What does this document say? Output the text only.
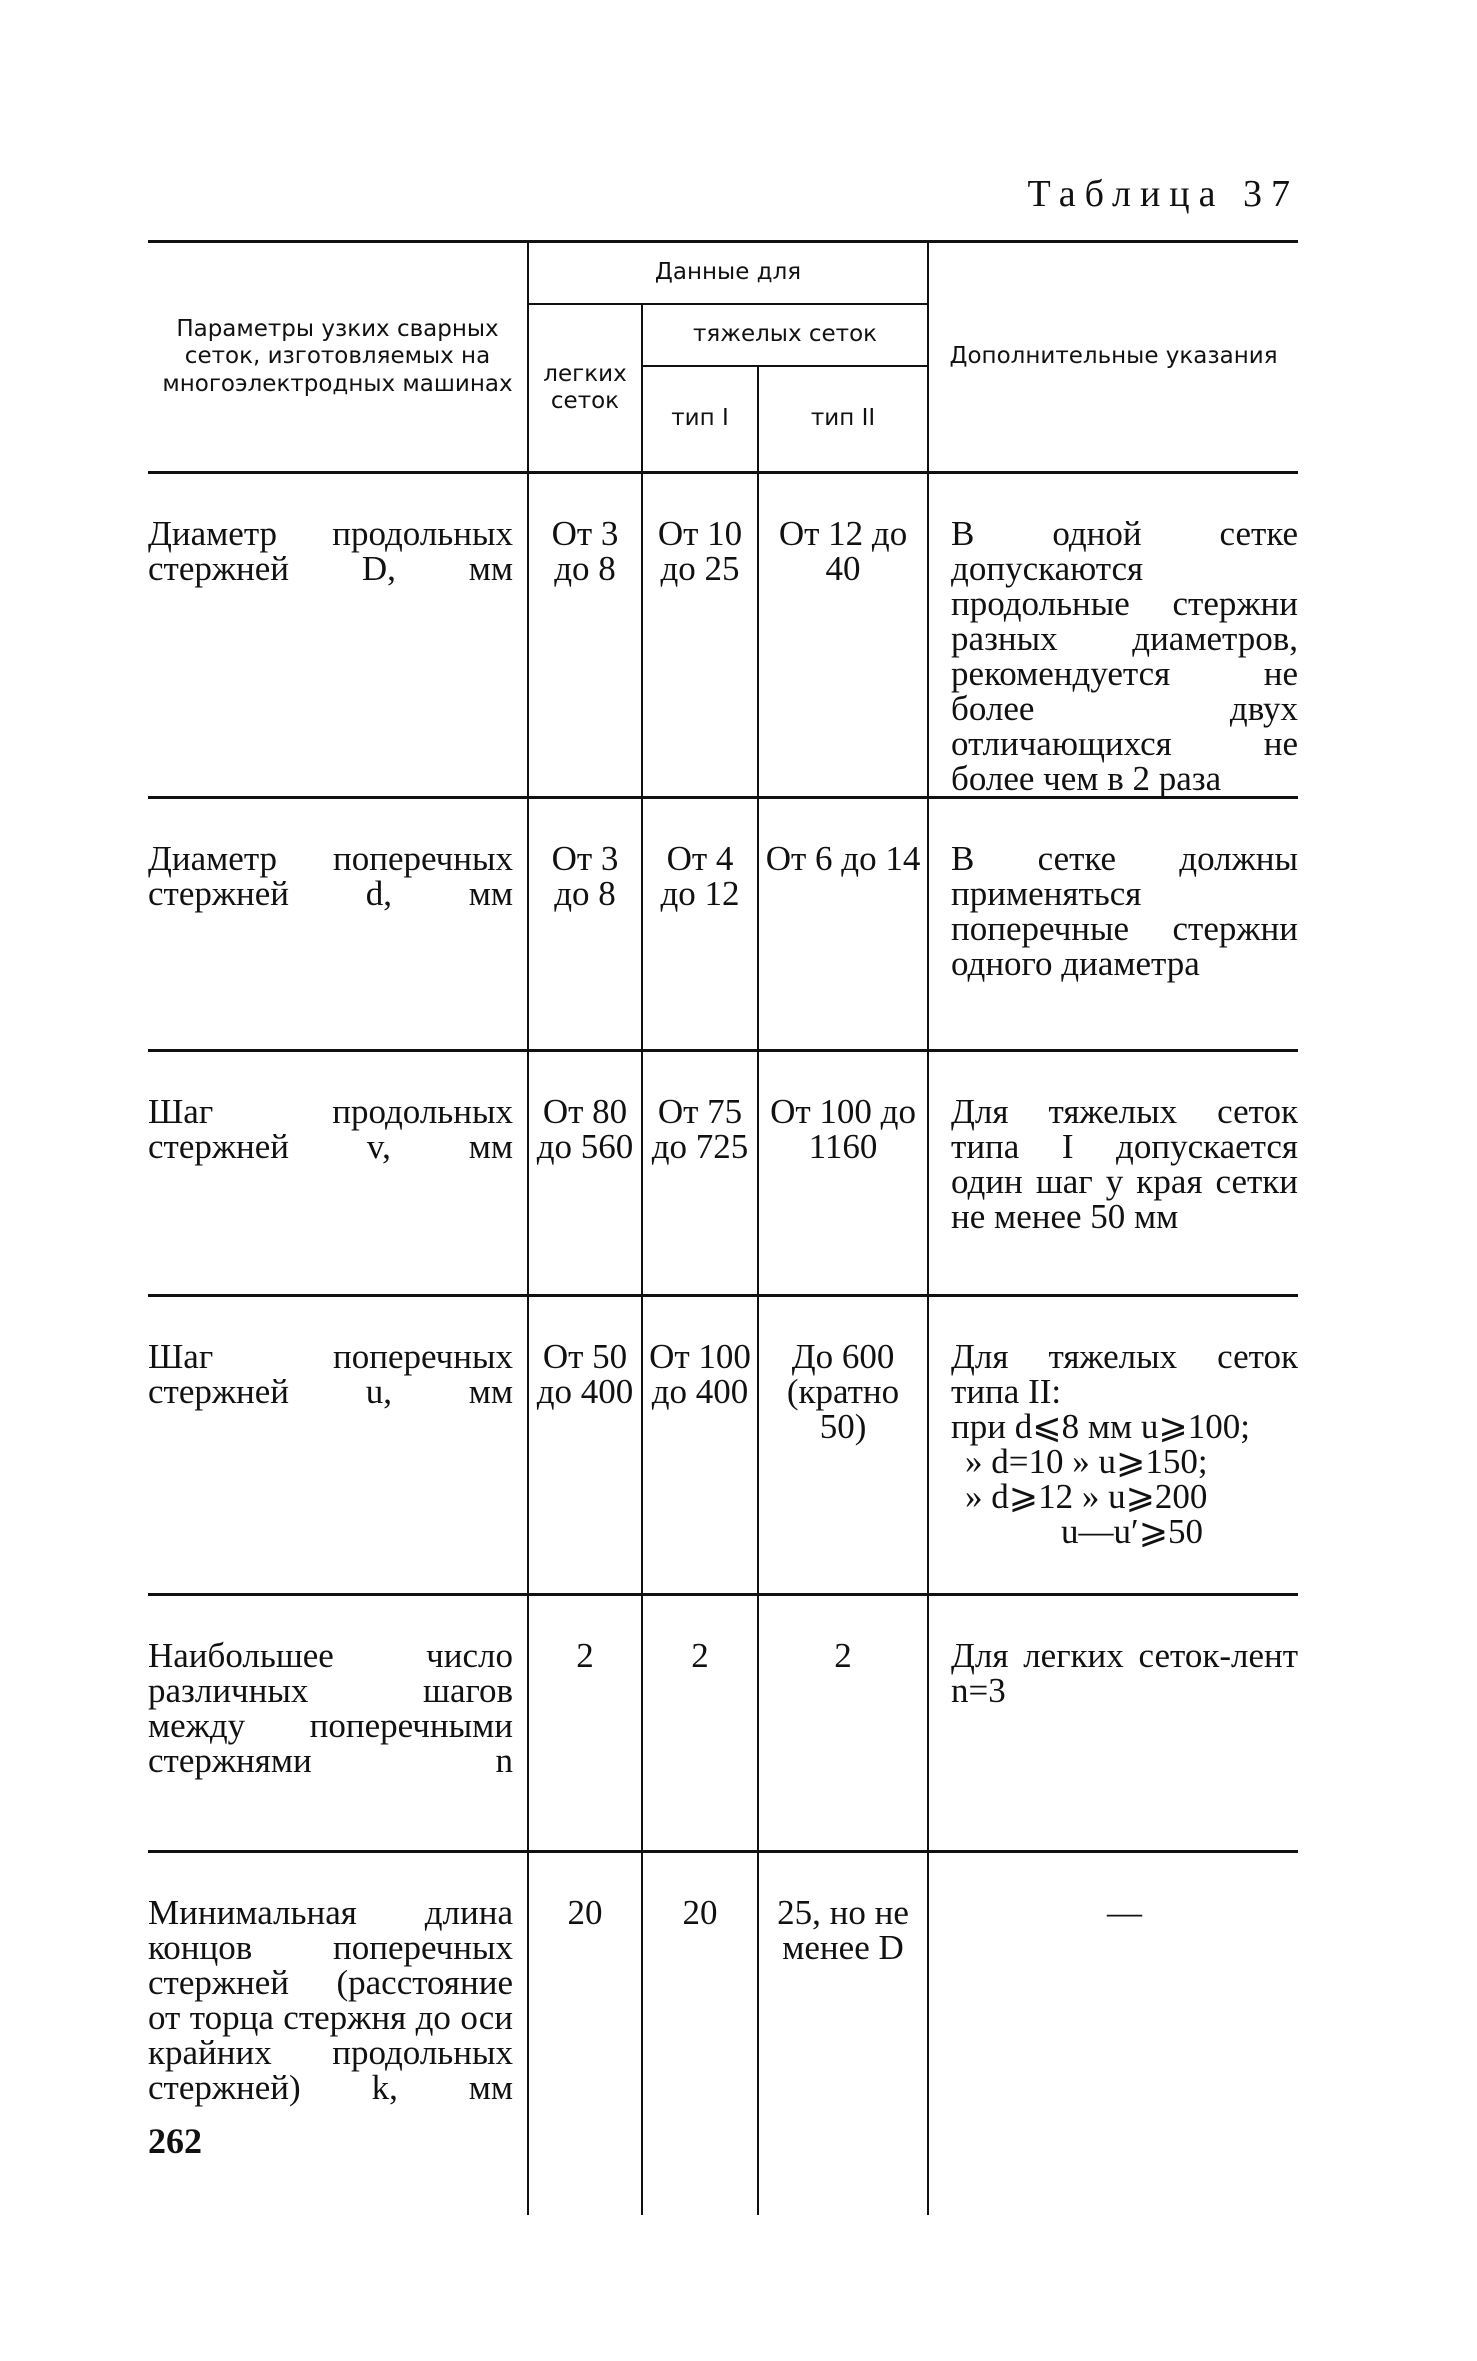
Таблица 37
Параметры узких сварных сеток, изготовляемых на многоэлектродных машинах	Данные для			Дополнительные указания
	легких сеток	тяжелых сеток		
		тип I	тип II	
Диаметр продольных стержней D, мм	От 3 до 8	От 10 до 25	От 12 до 40	В одной сетке допускаются продольные стержни разных диаметров, рекомендуется не более двух отличающихся не более чем в 2 раза
Диаметр поперечных стержней d, мм	От 3 до 8	От 4 до 12	От 6 до 14	В сетке должны применяться поперечные стержни одного диаметра
Шаг продольных стержней v, мм	От 80 до 560	От 75 до 725	От 100 до 1160	Для тяжелых сеток типа I допускается один шаг у края сетки не менее 50 мм
Шаг поперечных стержней u, мм	От 50 до 400	От 100 до 400	До 600 (кратно 50)	Для тяжелых сеток типа II:
при d⩽8 мм u⩾100;
» d=10 » u⩾150;
» d⩾12 » u⩾200
u—u′⩾50

Наибольшее число различных шагов между поперечными стержнями n	2	2	2	Для легких сеток-лент n=3
Минимальная длина концов поперечных стержней (расстояние от торца стержня до оси крайних продольных стержней) k, мм	20	20	25, но не менее D	—
262
